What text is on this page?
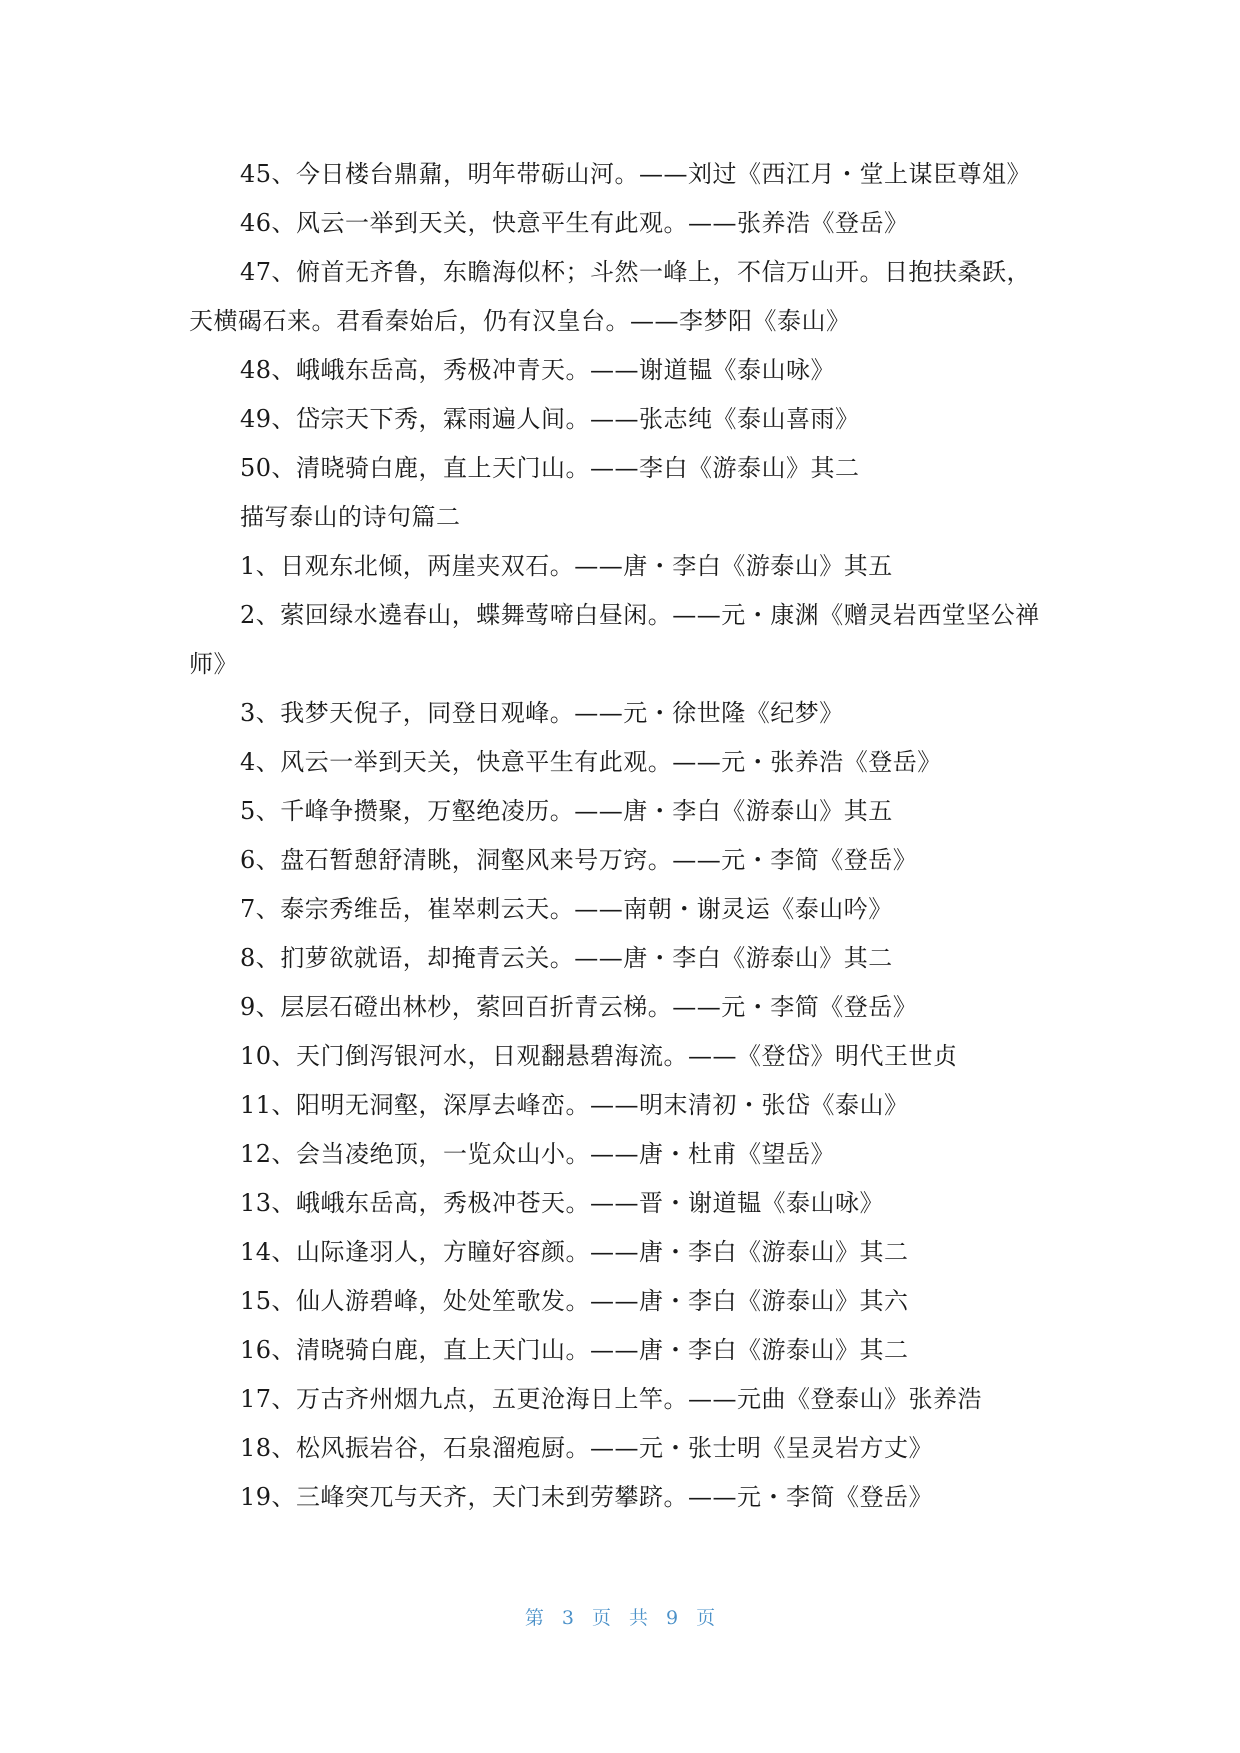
45、今日楼台鼎鼐，明年带砺山河。——刘过《西江月・堂上谋臣尊俎》

46、风云一举到天关，快意平生有此观。——张养浩《登岳》

47、俯首无齐鲁，东瞻海似杯；斗然一峰上，不信万山开。日抱扶桑跃，

天横碣石来。君看秦始后，仍有汉皇台。——李梦阳《泰山》

48、峨峨东岳高，秀极冲青天。——谢道韫《泰山咏》

49、岱宗天下秀，霖雨遍人间。——张志纯《泰山喜雨》

50、清晓骑白鹿，直上天门山。——李白《游泰山》其二

描写泰山的诗句篇二

1、日观东北倾，两崖夹双石。——唐・李白《游泰山》其五

2、萦回绿水遶春山，蝶舞莺啼白昼闲。——元・康渊《赠灵岩西堂坚公禅

师》

3、我梦天倪子，同登日观峰。——元・徐世隆《纪梦》

4、风云一举到天关，快意平生有此观。——元・张养浩《登岳》

5、千峰争攒聚，万壑绝凌历。——唐・李白《游泰山》其五

6、盘石暂憩舒清眺，洞壑风来号万窍。——元・李简《登岳》

7、泰宗秀维岳，崔崒刺云天。——南朝・谢灵运《泰山吟》

8、扪萝欲就语，却掩青云关。——唐・李白《游泰山》其二

9、层层石磴出林杪，萦回百折青云梯。——元・李简《登岳》

10、天门倒泻银河水，日观翻悬碧海流。——《登岱》明代王世贞

11、阳明无洞壑，深厚去峰峦。——明末清初・张岱《泰山》

12、会当凌绝顶，一览众山小。——唐・杜甫《望岳》

13、峨峨东岳高，秀极冲苍天。——晋・谢道韫《泰山咏》

14、山际逢羽人，方瞳好容颜。——唐・李白《游泰山》其二

15、仙人游碧峰，处处笙歌发。——唐・李白《游泰山》其六

16、清晓骑白鹿，直上天门山。——唐・李白《游泰山》其二

17、万古齐州烟九点，五更沧海日上竿。——元曲《登泰山》张养浩

18、松风振岩谷，石泉溜疱厨。——元・张士明《呈灵岩方丈》

19、三峰突兀与天齐，天门未到劳攀跻。——元・李简《登岳》

第 3 页 共 9 页
